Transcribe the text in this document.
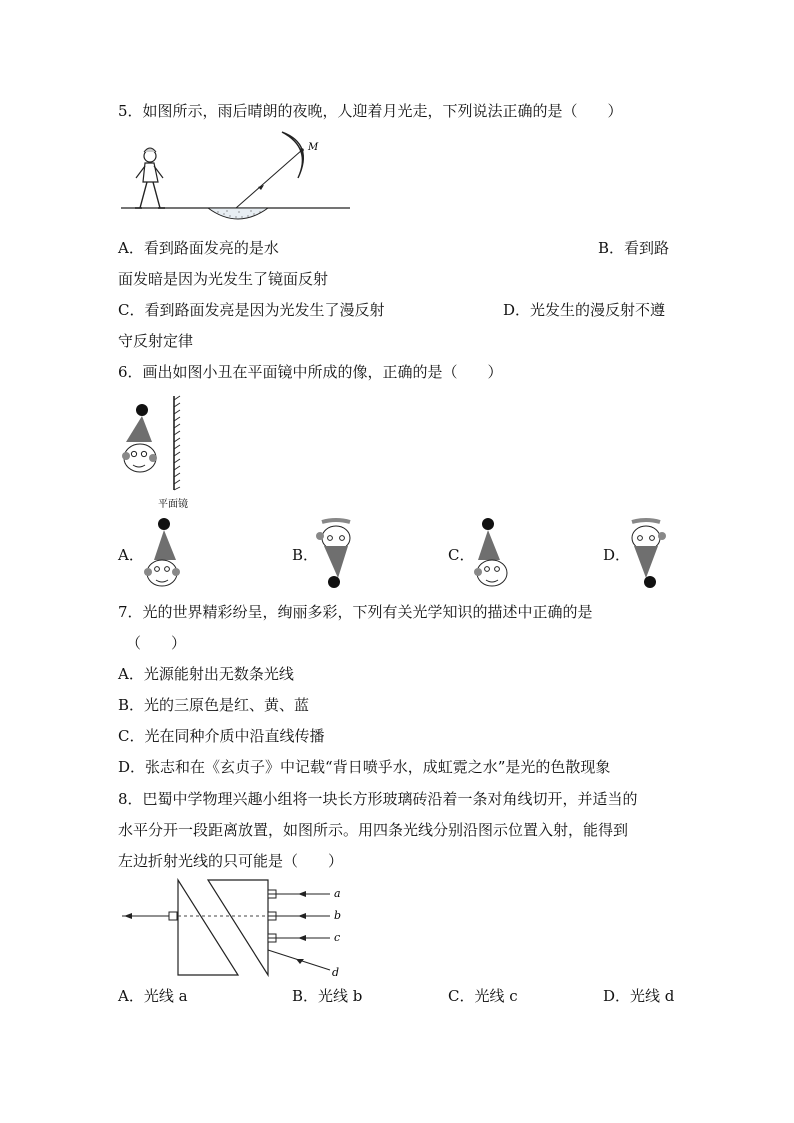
5．如图所示，雨后晴朗的夜晚，人迎着月光走，下列说法正确的是（　　）
M
A．看到路面发亮的是水	B．看到路
面发暗是因为光发生了镜面反射
C．看到路面发亮是因为光发生了漫反射	D．光发生的漫反射不遵
守反射定律
6．画出如图小丑在平面镜中所成的像，正确的是（　　）
平面镜
A．	B．	C．	D．
7．光的世界精彩纷呈，绚丽多彩，下列有关光学知识的描述中正确的是
（　　）
A．光源能射出无数条光线
B．光的三原色是红、黄、蓝
C．光在同种介质中沿直线传播
D．张志和在《玄贞子》中记载“背日喷乎水，成虹霓之水”是光的色散现象
8．巴蜀中学物理兴趣小组将一块长方形玻璃砖沿着一条对角线切开，并适当的
水平分开一段距离放置，如图所示。用四条光线分别沿图示位置入射，能得到
左边折射光线的只可能是（　　）
a
b
c
d
A．光线 a	B．光线 b	C．光线 c	D．光线 d
